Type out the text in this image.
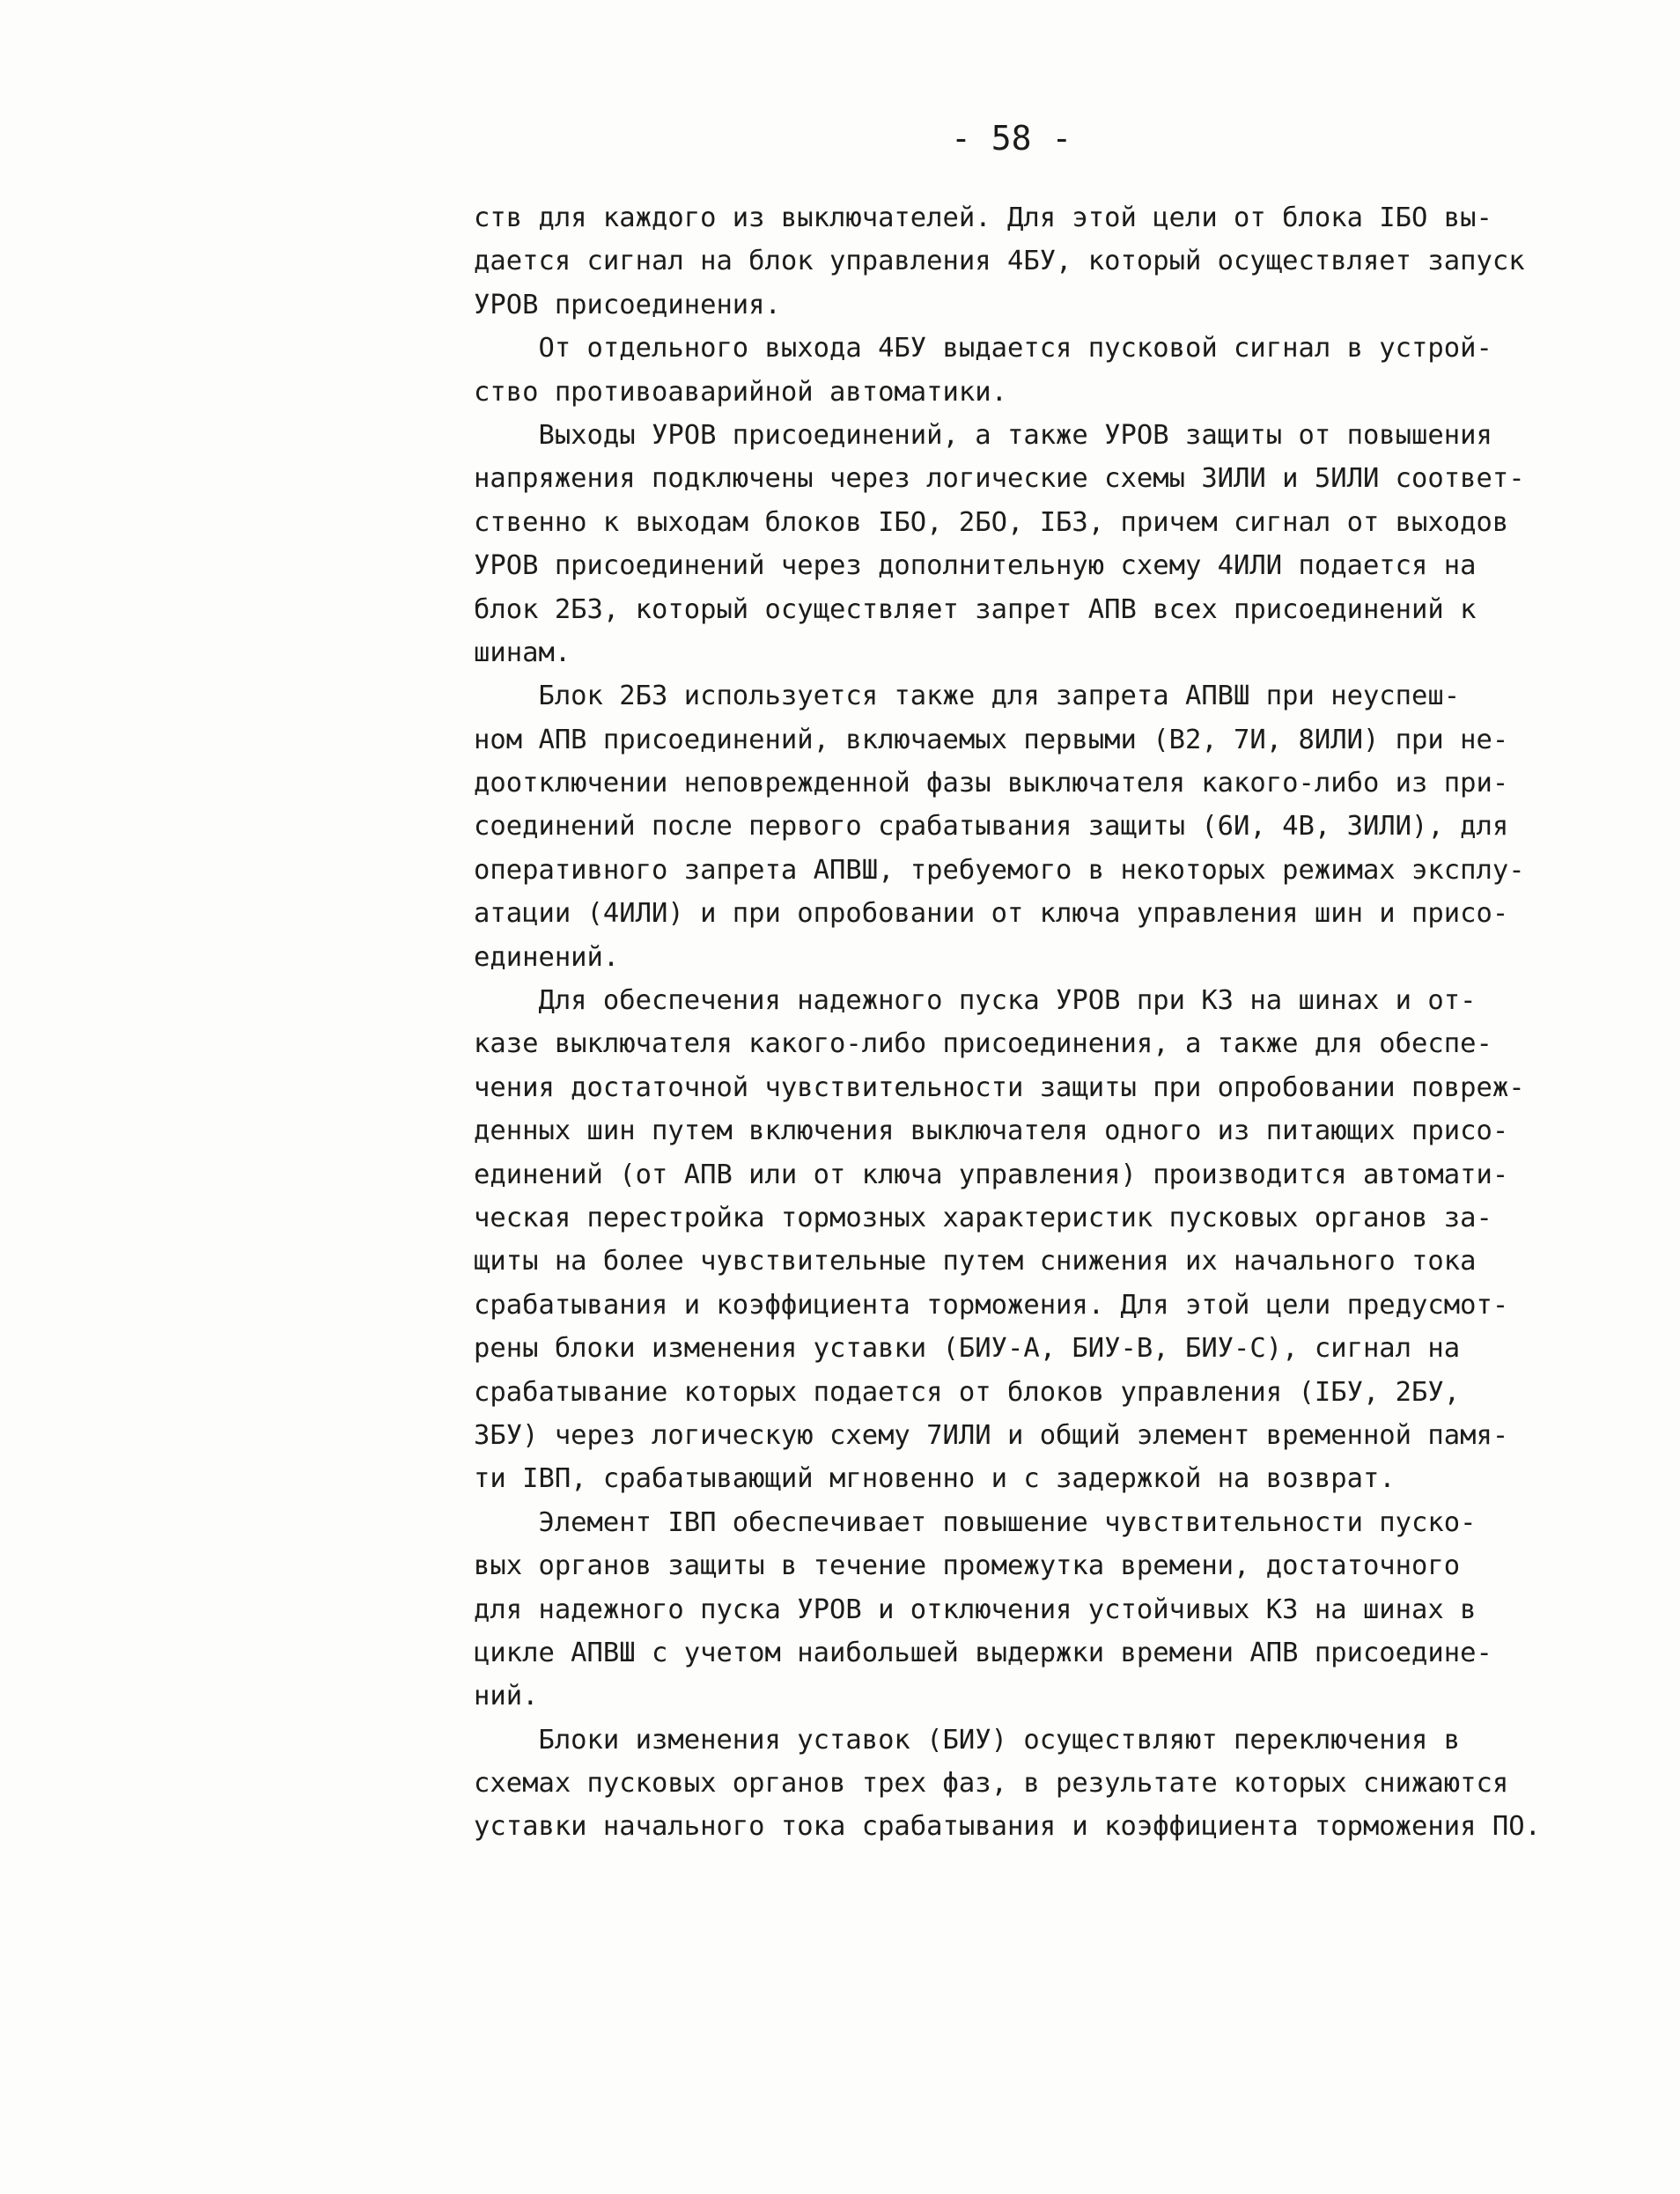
- 58 -
ств для каждого из выключателей. Для этой цели от блока IБО вы-
дается сигнал на блок управления 4БУ, который осуществляет запуск
УРОВ присоединения.
От отдельного выхода 4БУ выдается пусковой сигнал в устрой-
ство противоаварийной автоматики.
Выходы УРОВ присоединений, а также УРОВ защиты от повышения
напряжения подключены через логические схемы 3ИЛИ и 5ИЛИ соответ-
ственно к выходам блоков IБО, 2БО, IБЗ, причем сигнал от выходов
УРОВ присоединений через дополнительную схему 4ИЛИ подается на
блок 2БЗ, который осуществляет запрет АПВ всех присоединений к
шинам.
Блок 2БЗ используется также для запрета АПВШ при неуспеш-
ном АПВ присоединений, включаемых первыми (В2, 7И, 8ИЛИ) при не-
доотключении неповрежденной фазы выключателя какого-либо из при-
соединений после первого срабатывания защиты (6И, 4В, 3ИЛИ), для
оперативного запрета АПВШ, требуемого в некоторых режимах эксплу-
атации (4ИЛИ) и при опробовании от ключа управления шин и присо-
единений.
Для обеспечения надежного пуска УРОВ при КЗ на шинах и от-
казе выключателя какого-либо присоединения, а также для обеспе-
чения достаточной чувствительности защиты при опробовании повреж-
денных шин путем включения выключателя одного из питающих присо-
единений (от АПВ или от ключа управления) производится автомати-
ческая перестройка тормозных характеристик пусковых органов за-
щиты на более чувствительные путем снижения их начального тока
срабатывания и коэффициента торможения. Для этой цели предусмот-
рены блоки изменения уставки (БИУ-А, БИУ-В, БИУ-С), сигнал на
срабатывание которых подается от блоков управления (IБУ, 2БУ,
3БУ) через логическую схему 7ИЛИ и общий элемент временной памя-
ти IВП, срабатывающий мгновенно и с задержкой на возврат.
Элемент IВП обеспечивает повышение чувствительности пуско-
вых органов защиты в течение промежутка времени, достаточного
для надежного пуска УРОВ и отключения устойчивых КЗ на шинах в
цикле АПВШ с учетом наибольшей выдержки времени АПВ присоедине-
ний.
Блоки изменения уставок (БИУ) осуществляют переключения в
схемах пусковых органов трех фаз, в результате которых снижаются
уставки начального тока срабатывания и коэффициента торможения ПО.
